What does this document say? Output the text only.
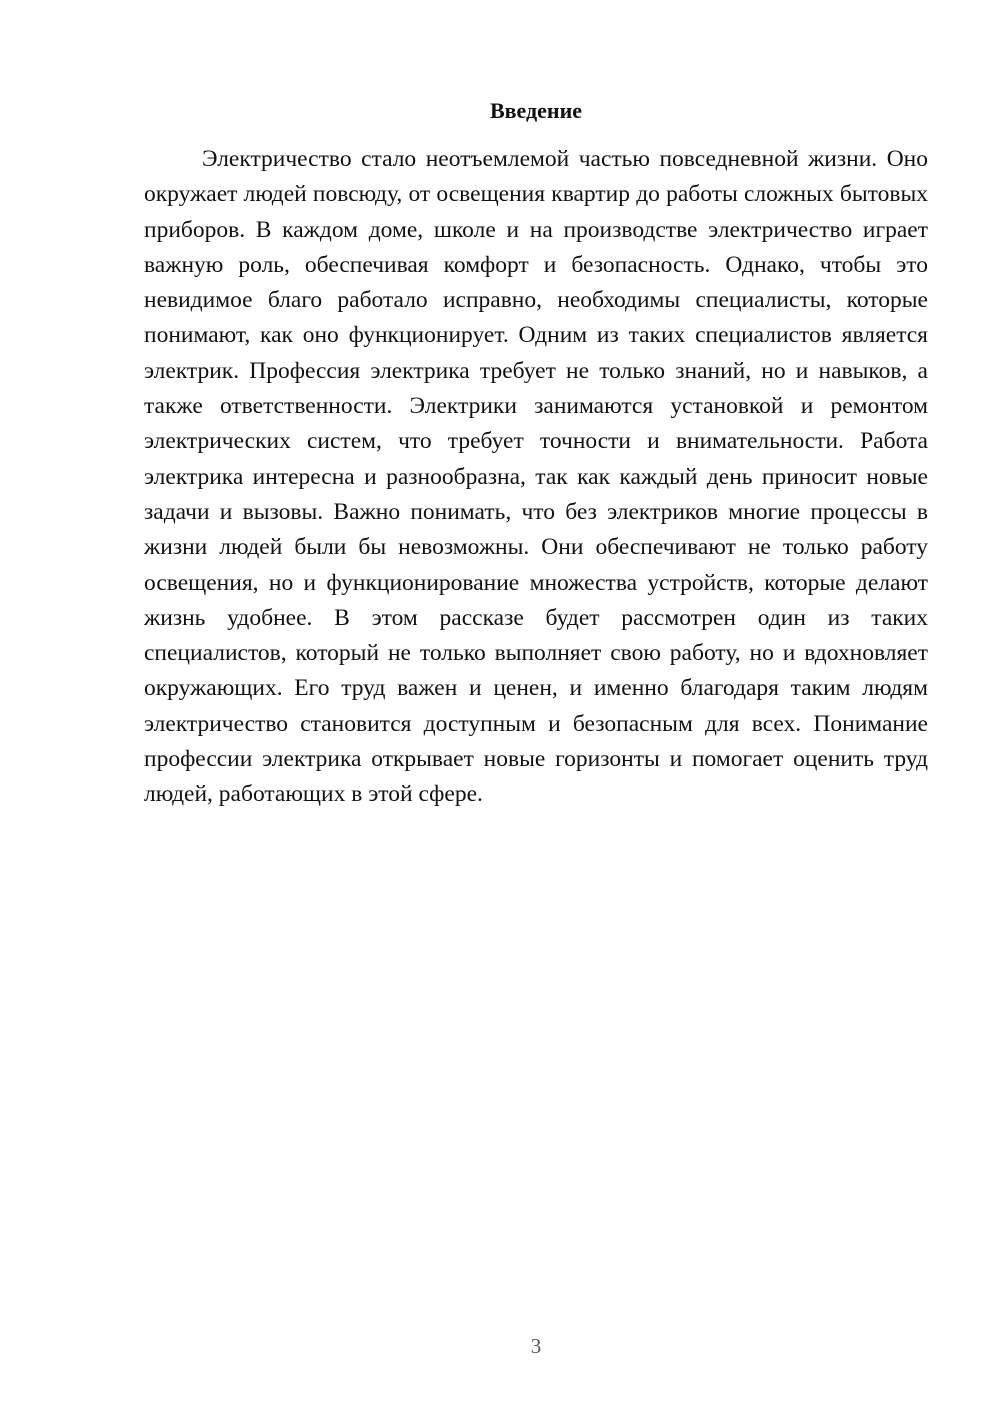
Введение

Электричество стало неотъемлемой частью повседневной жизни. Оно окружает людей повсюду, от освещения квартир до работы сложных бытовых приборов. В каждом доме, школе и на производстве электричество играет важную роль, обеспечивая комфорт и безопасность. Однако, чтобы это невидимое благо работало исправно, необходимы специалисты, которые понимают, как оно функционирует. Одним из таких специалистов является электрик. Профессия электрика требует не только знаний, но и навыков, а также ответственности. Электрики занимаются установкой и ремонтом электрических систем, что требует точности и внимательности. Работа электрика интересна и разнообразна, так как каждый день приносит новые задачи и вызовы. Важно понимать, что без электриков многие процессы в жизни людей были бы невозможны. Они обеспечивают не только работу освещения, но и функционирование множества устройств, которые делают жизнь удобнее. В этом рассказе будет рассмотрен один из таких специалистов, который не только выполняет свою работу, но и вдохновляет окружающих. Его труд важен и ценен, и именно благодаря таким людям электричество становится доступным и безопасным для всех. Понимание профессии электрика открывает новые горизонты и помогает оценить труд людей, работающих в этой сфере.

3
